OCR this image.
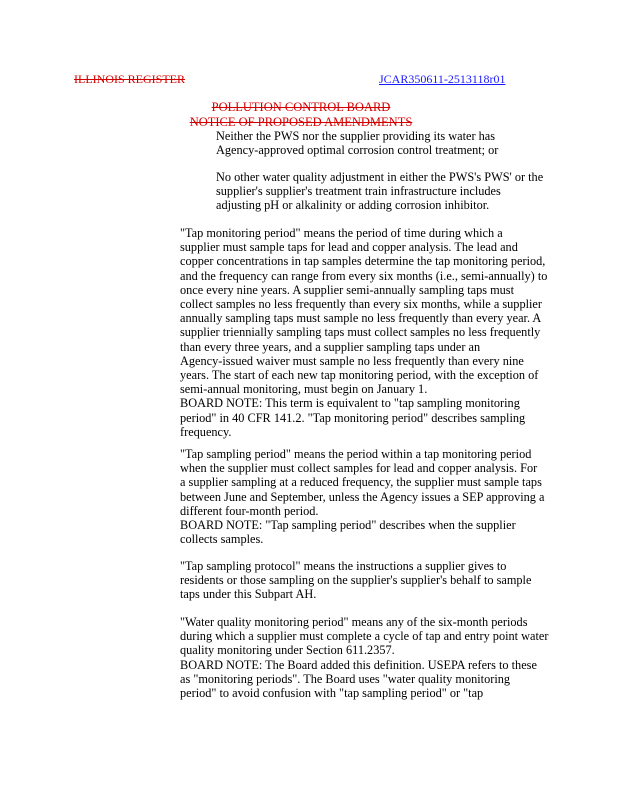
ILLINOIS REGISTER	JCAR350611-2513118r01
POLLUTION CONTROL BOARD
NOTICE OF PROPOSED AMENDMENTS
Neither the PWS nor the supplier providing its water has
Agency-approved optimal corrosion control treatment; or
No other water quality adjustment in either the PWS's PWS' or the
supplier's supplier's treatment train infrastructure includes
adjusting pH or alkalinity or adding corrosion inhibitor.
"Tap monitoring period" means the period of time during which a
supplier must sample taps for lead and copper analysis. The lead and
copper concentrations in tap samples determine the tap monitoring period,
and the frequency can range from every six months (i.e., semi-annually) to
once every nine years. A supplier semi-annually sampling taps must
collect samples no less frequently than every six months, while a supplier
annually sampling taps must sample no less frequently than every year. A
supplier triennially sampling taps must collect samples no less frequently
than every three years, and a supplier sampling taps under an
Agency-issued waiver must sample no less frequently than every nine
years. The start of each new tap monitoring period, with the exception of
semi-annual monitoring, must begin on January 1.
BOARD NOTE: This term is equivalent to "tap sampling monitoring
period" in 40 CFR 141.2. "Tap monitoring period" describes sampling
frequency.
"Tap sampling period" means the period within a tap monitoring period
when the supplier must collect samples for lead and copper analysis. For
a supplier sampling at a reduced frequency, the supplier must sample taps
between June and September, unless the Agency issues a SEP approving a
different four-month period.
BOARD NOTE: "Tap sampling period" describes when the supplier
collects samples.
"Tap sampling protocol" means the instructions a supplier gives to
residents or those sampling on the supplier's supplier's behalf to sample
taps under this Subpart AH.
"Water quality monitoring period" means any of the six-month periods
during which a supplier must complete a cycle of tap and entry point water
quality monitoring under Section 611.2357.
BOARD NOTE: The Board added this definition. USEPA refers to these
as "monitoring periods". The Board uses "water quality monitoring
period" to avoid confusion with "tap sampling period" or "tap
